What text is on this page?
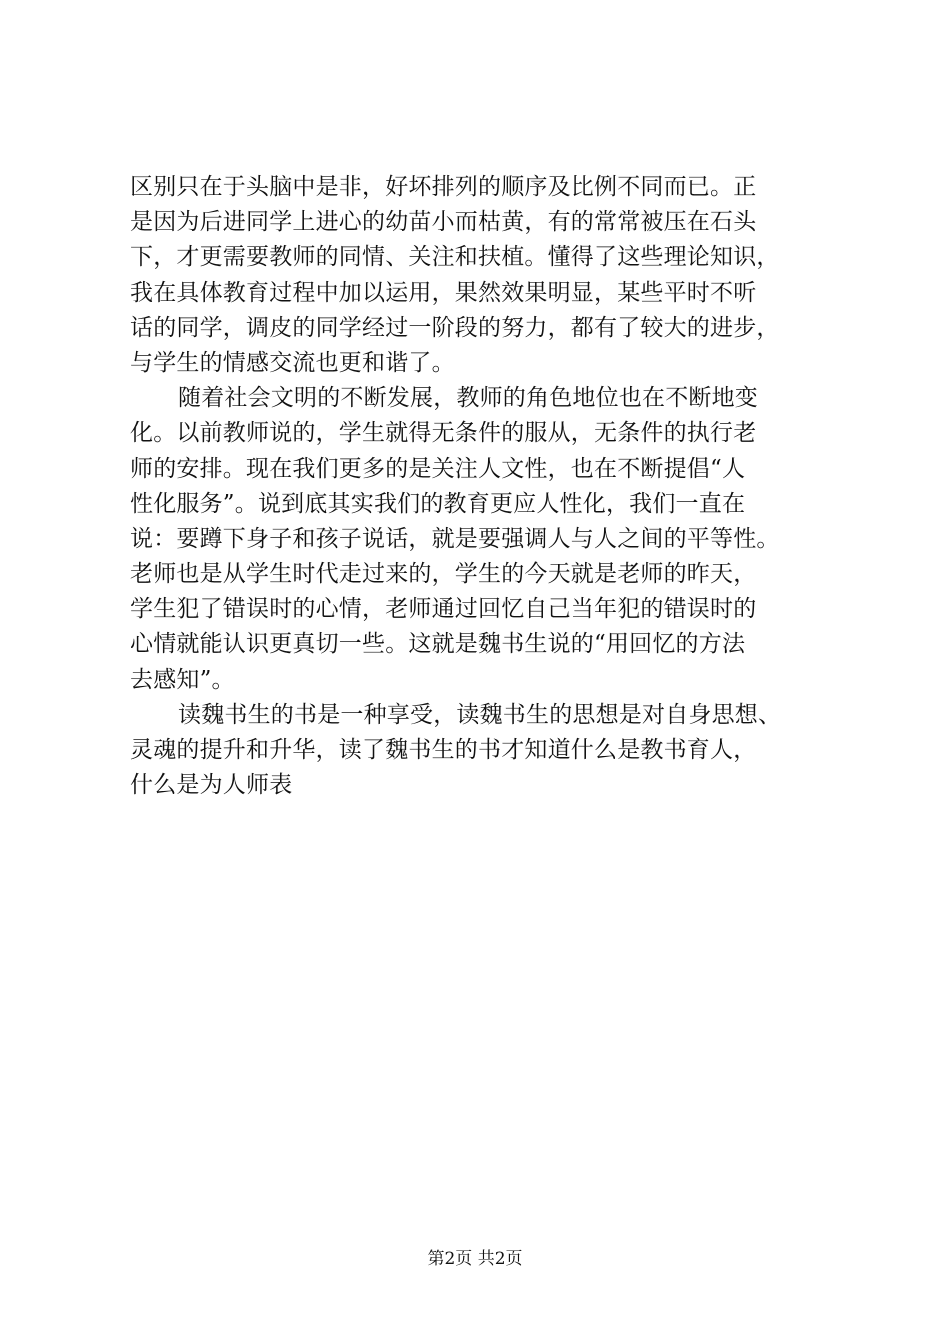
区别只在于头脑中是非，好坏排列的顺序及比例不同而已。正
是因为后进同学上进心的幼苗小而枯黄，有的常常被压在石头
下，才更需要教师的同情、关注和扶植。懂得了这些理论知识，
我在具体教育过程中加以运用，果然效果明显，某些平时不听
话的同学，调皮的同学经过一阶段的努力，都有了较大的进步，
与学生的情感交流也更和谐了。
随着社会文明的不断发展，教师的角色地位也在不断地变
化。以前教师说的，学生就得无条件的服从，无条件的执行老
师的安排。现在我们更多的是关注人文性，也在不断提倡“人
性化服务”。说到底其实我们的教育更应人性化，我们一直在
说：要蹲下身子和孩子说话，就是要强调人与人之间的平等性。
老师也是从学生时代走过来的，学生的今天就是老师的昨天，
学生犯了错误时的心情，老师通过回忆自己当年犯的错误时的
心情就能认识更真切一些。这就是魏书生说的“用回忆的方法
去感知”。
读魏书生的书是一种享受，读魏书生的思想是对自身思想、
灵魂的提升和升华，读了魏书生的书才知道什么是教书育人，
什么是为人师表
第2页 共2页
